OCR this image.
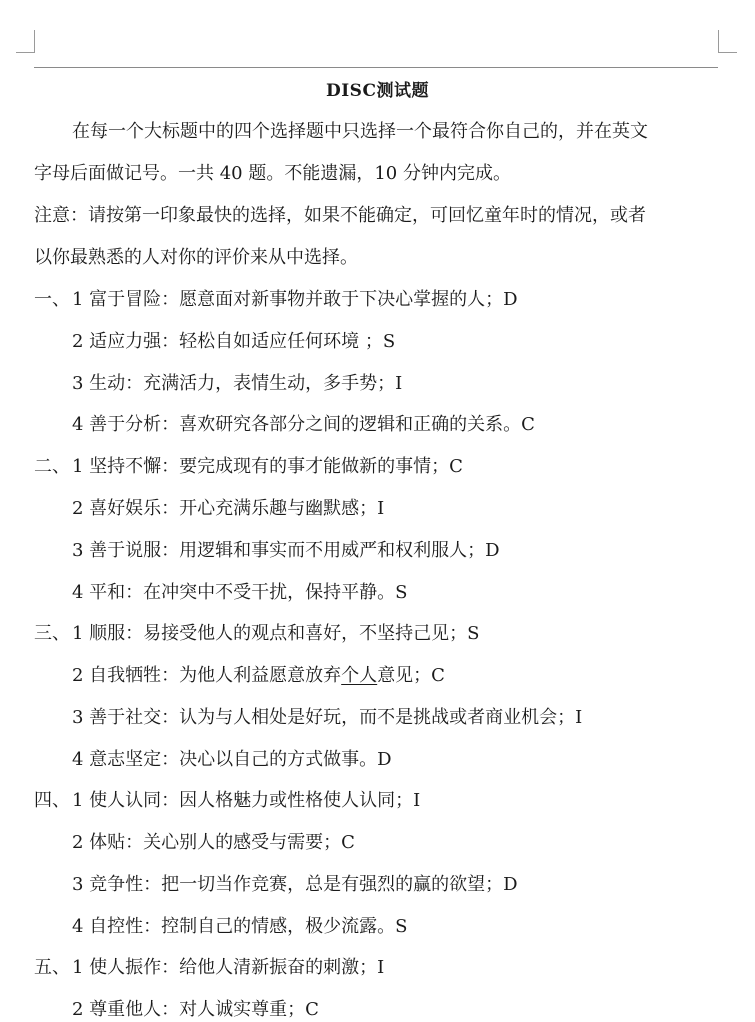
DISC测试题
在每一个大标题中的四个选择题中只选择一个最符合你自己的，并在英文
字母后面做记号。一共 40 题。不能遗漏，10 分钟内完成。
注意：请按第一印象最快的选择，如果不能确定，可回忆童年时的情况，或者
以你最熟悉的人对你的评价来从中选择。
一、 1 富于冒险：愿意面对新事物并敢于下决心掌握的人；D
2 适应力强：轻松自如适应任何环境 ；S
3 生动：充满活力，表情生动，多手势；I
4 善于分析：喜欢研究各部分之间的逻辑和正确的关系。C
二、 1 坚持不懈：要完成现有的事才能做新的事情；C
2 喜好娱乐：开心充满乐趣与幽默感；I
3 善于说服：用逻辑和事实而不用威严和权利服人；D
4 平和：在冲突中不受干扰，保持平静。S
三、 1 顺服：易接受他人的观点和喜好，不坚持己见；S
2 自我牺牲：为他人利益愿意放弃个人意见；C
3 善于社交：认为与人相处是好玩，而不是挑战或者商业机会；I
4 意志坚定：决心以自己的方式做事。D
四、 1 使人认同：因人格魅力或性格使人认同；I
2 体贴：关心别人的感受与需要；C
3 竞争性：把一切当作竞赛，总是有强烈的赢的欲望；D
4 自控性：控制自己的情感，极少流露。S
五、 1 使人振作：给他人清新振奋的刺激；I
2 尊重他人：对人诚实尊重；C
